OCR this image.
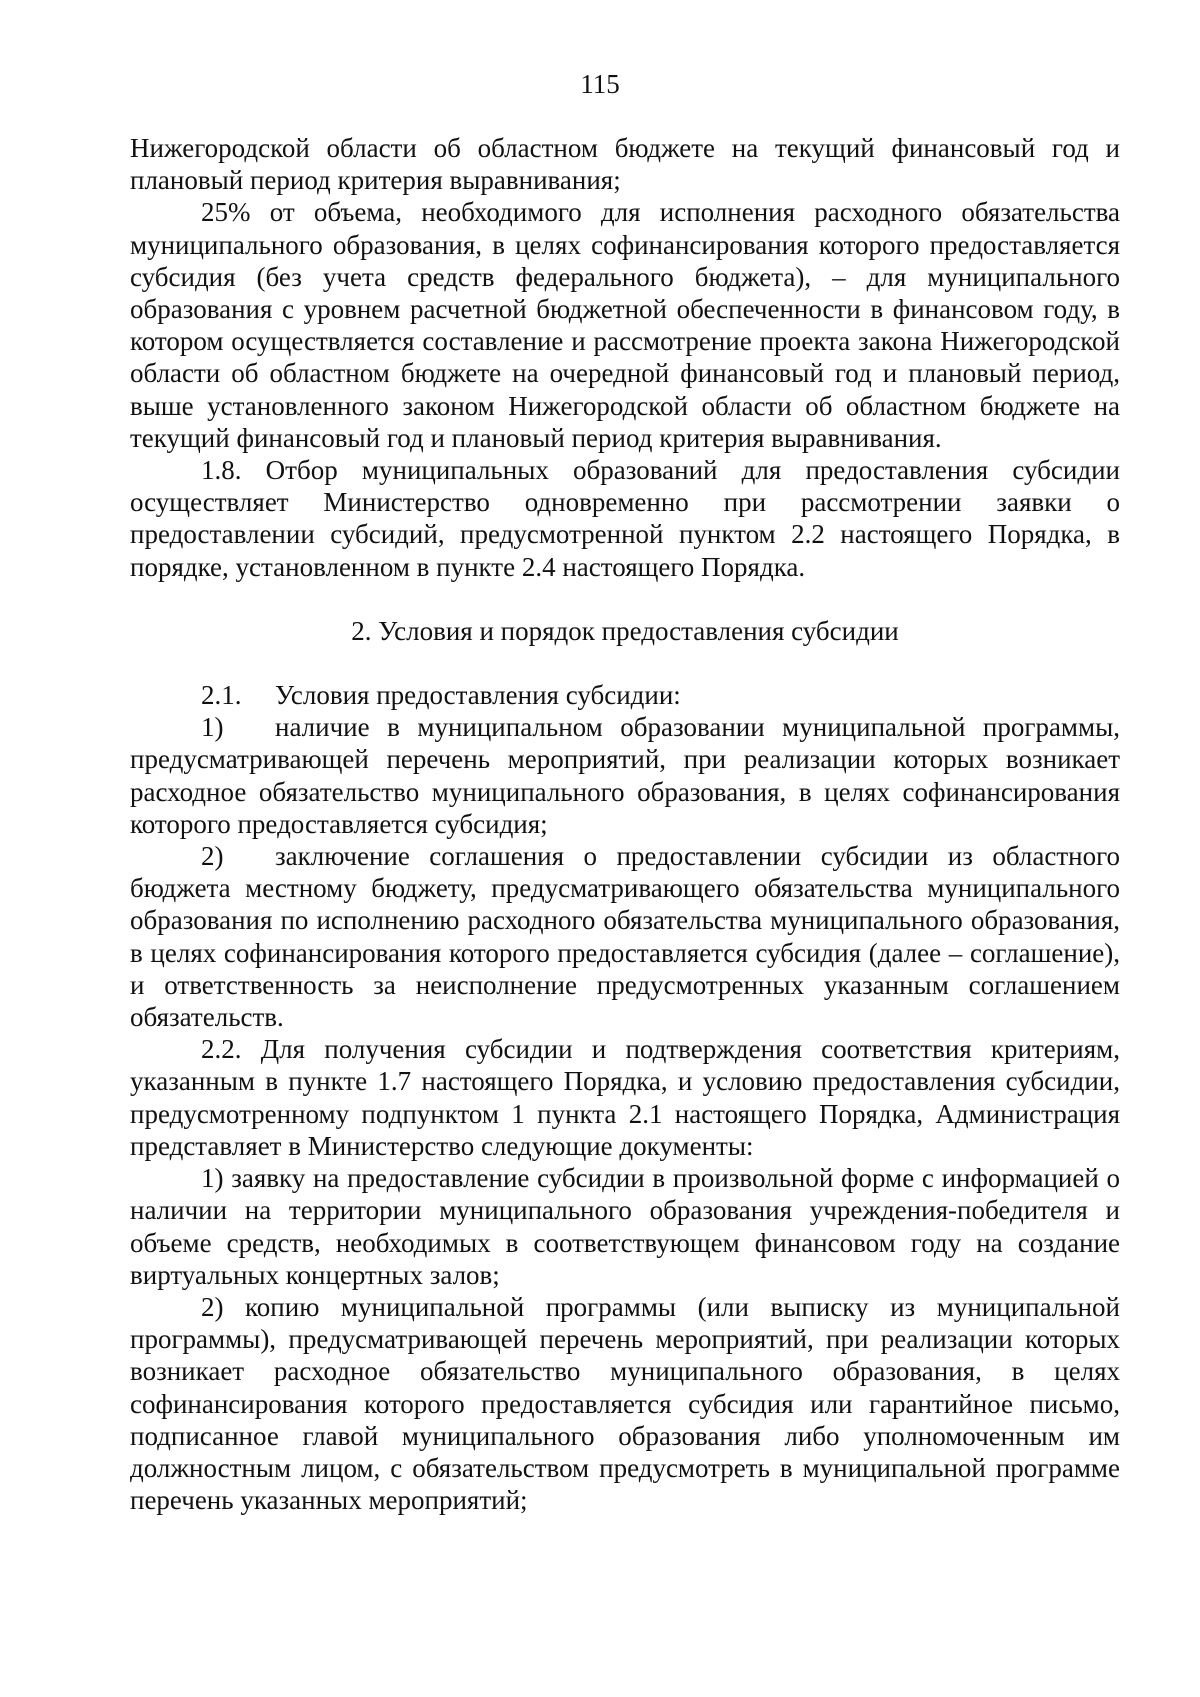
115

Нижегородской области об областном бюджете на текущий финансовый год и плановый период критерия выравнивания;

25% от объема, необходимого для исполнения расходного обязательства муниципального образования, в целях софинансирования которого предоставляется субсидия (без учета средств федерального бюджета), – для муниципального образования с уровнем расчетной бюджетной обеспеченности в финансовом году, в котором осуществляется составление и рассмотрение проекта закона Нижегородской области об областном бюджете на очередной финансовый год и плановый период, выше установленного законом Нижегородской области об областном бюджете на текущий финансовый год и плановый период критерия выравнивания.

1.8. Отбор муниципальных образований для предоставления субсидии осуществляет Министерство одновременно при рассмотрении заявки о предоставлении субсидий, предусмотренной пунктом 2.2 настоящего Порядка, в порядке, установленном в пункте 2.4 настоящего Порядка.

2. Условия и порядок предоставления субсидии

2.1. Условия предоставления субсидии:

1) наличие в муниципальном образовании муниципальной программы, предусматривающей перечень мероприятий, при реализации которых возникает расходное обязательство муниципального образования, в целях софинансирования которого предоставляется субсидия;

2) заключение соглашения о предоставлении субсидии из областного бюджета местному бюджету, предусматривающего обязательства муниципального образования по исполнению расходного обязательства муниципального образования, в целях софинансирования которого предоставляется субсидия (далее – соглашение), и ответственность за неисполнение предусмотренных указанным соглашением обязательств.

2.2. Для получения субсидии и подтверждения соответствия критериям, указанным в пункте 1.7 настоящего Порядка, и условию предоставления субсидии, предусмотренному подпунктом 1 пункта 2.1 настоящего Порядка, Администрация представляет в Министерство следующие документы:

1) заявку на предоставление субсидии в произвольной форме с информацией о наличии на территории муниципального образования учреждения-победителя и объеме средств, необходимых в соответствующем финансовом году на создание виртуальных концертных залов;

2) копию муниципальной программы (или выписку из муниципальной программы), предусматривающей перечень мероприятий, при реализации которых возникает расходное обязательство муниципального образования, в целях софинансирования которого предоставляется субсидия или гарантийное письмо, подписанное главой муниципального образования либо уполномоченным им должностным лицом, с обязательством предусмотреть в муниципальной программе перечень указанных мероприятий;
